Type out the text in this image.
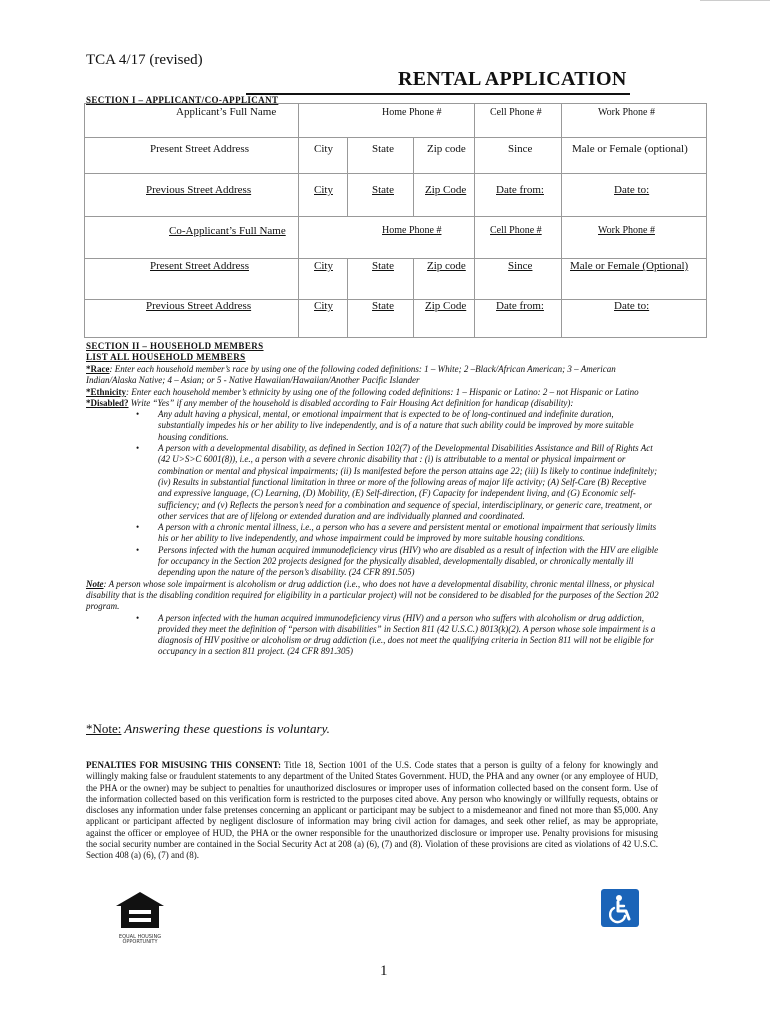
TCA 4/17 (revised)
RENTAL APPLICATION
SECTION I – APPLICANT/CO-APPLICANT
Applicant’s Full Name	Home Phone #	Cell Phone #	Work Phone #
Present Street Address	City	State	Zip code	Since	Male or Female (optional)
Previous Street Address	City	State	Zip Code	Date from:	Date to:
Co-Applicant’s Full Name	Home Phone #	Cell Phone #	Work Phone #
Present Street Address	City	State	Zip code	Since	Male or Female (Optional)
Previous Street Address	City	State	Zip Code	Date from:	Date to:
SECTION II – HOUSEHOLD MEMBERS
LIST ALL HOUSEHOLD MEMBERS

*Race: Enter each household member’s race by using one of the following coded definitions: 1 – White; 2 –Black/African American; 3 – American Indian/Alaska Native; 4 – Asian; or 5 - Native Hawaiian/Hawaiian/Another Pacific Islander

*Ethnicity: Enter each household member’s ethnicity by using one of the following coded definitions: 1 – Hispanic or Latino: 2 – not Hispanic or Latino

*Disabled? Write “Yes” if any member of the household is disabled according to Fair Housing Act definition for handicap (disability):

• Any adult having a physical, mental, or emotional impairment that is expected to be of long-continued and indefinite duration, substantially impedes his or her ability to live independently, and is of a nature that such ability could be improved by more suitable housing conditions.

• A person with a developmental disability, as defined in Section 102(7) of the Developmental Disabilities Assistance and Bill of Rights Act (42 U>S>C 6001(8)), i.e., a person with a severe chronic disability that : (i) is attributable to a mental or physical impairment or combination or mental and physical impairments; (ii) Is manifested before the person attains age 22; (iii) Is likely to continue indefinitely; (iv) Results in substantial functional limitation in three or more of the following areas of major life activity; (A) Self-Care (B) Receptive and expressive language, (C) Learning, (D) Mobility, (E) Self-direction, (F) Capacity for independent living, and (G) Economic self-sufficiency; and (v) Reflects the person’s need for a combination and sequence of special, interdisciplinary, or generic care, treatment, or other services that are of lifelong or extended duration and are individually planned and coordinated.

• A person with a chronic mental illness, i.e., a person who has a severe and persistent mental or emotional impairment that seriously limits his or her ability to live independently, and whose impairment could be improved by more suitable housing conditions.

• Persons infected with the human acquired immunodeficiency virus (HIV) who are disabled as a result of infection with the HIV are eligible for occupancy in the Section 202 projects designed for the physically disabled, developmentally disabled, or chronically mentally ill depending upon the nature of the person’s disability. (24 CFR 891.505)

Note: A person whose sole impairment is alcoholism or drug addiction (i.e., who does not have a developmental disability, chronic mental illness, or physical disability that is the disabling condition required for eligibility in a particular project) will not be considered to be disabled for the purposes of the Section 202 program.

• A person infected with the human acquired immunodeficiency virus (HIV) and a person who suffers with alcoholism or drug addiction, provided they meet the definition of “person with disabilities” in Section 811 (42 U.S.C.) 8013(k)(2). A person whose sole impairment is a diagnosis of HIV positive or alcoholism or drug addiction (i.e., does not meet the qualifying criteria in Section 811 will not be eligible for occupancy in a section 811 project. (24 CFR 891.305)

*Note: Answering these questions is voluntary.
PENALTIES FOR MISUSING THIS CONSENT: Title 18, Section 1001 of the U.S. Code states that a person is guilty of a felony for knowingly and willingly making false or fraudulent statements to any department of the United States Government. HUD, the PHA and any owner (or any employee of HUD, the PHA or the owner) may be subject to penalties for unauthorized disclosures or improper uses of information collected based on the consent form. Use of the information collected based on this verification form is restricted to the purposes cited above. Any person who knowingly or willfully requests, obtains or discloses any information under false pretenses concerning an applicant or participant may be subject to a misdemeanor and fined not more than $5,000. Any applicant or participant affected by negligent disclosure of information may bring civil action for damages, and seek other relief, as may be appropriate, against the officer or employee of HUD, the PHA or the owner responsible for the unauthorized disclosure or improper use. Penalty provisions for misusing the social security number are contained in the Social Security Act at 208 (a) (6), (7) and (8). Violation of these provisions are cited as violations of 42 U.S.C. Section 408 (a) (6), (7) and (8).
EQUAL HOUSING
OPPORTUNITY
1
